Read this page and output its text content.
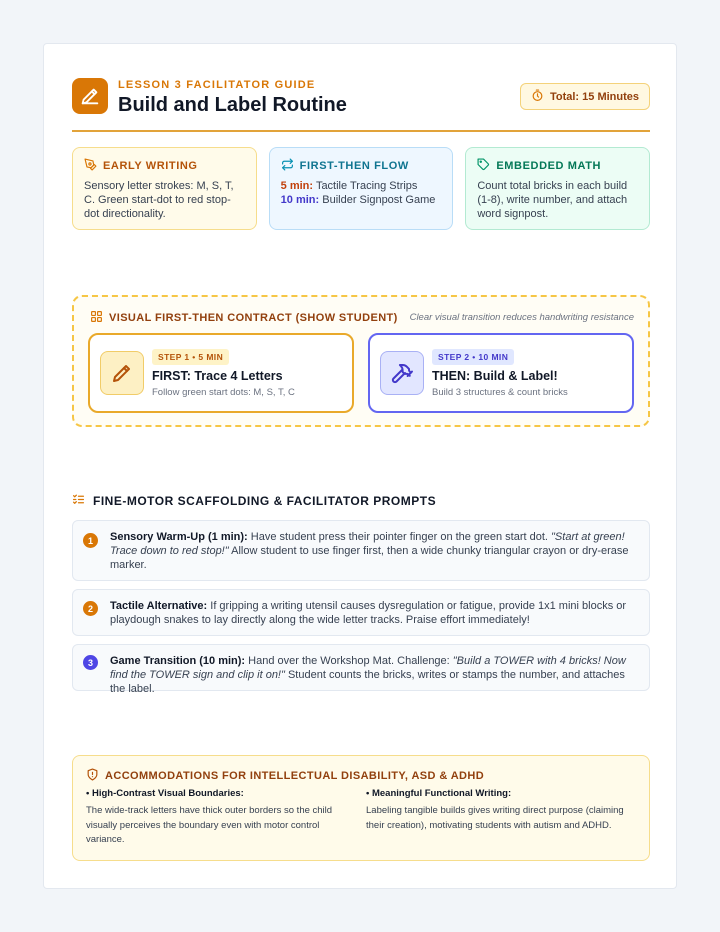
LESSON 3 FACILITATOR GUIDE
Build and Label Routine	Total: 15 Minutes
EARLY WRITING
Sensory letter strokes: M, S, T, C. Green start-dot to red stop-dot directionality.
FIRST-THEN FLOW
5 min: Tactile Tracing Strips
10 min: Builder Signpost Game
EMBEDDED MATH
Count total bricks in each build (1-8), write number, and attach word signpost.
VISUAL FIRST-THEN CONTRACT (SHOW STUDENT) Clear visual transition reduces handwriting resistance
STEP 1 • 5 MIN
FIRST: Trace 4 Letters
Follow green start dots: M, S, T, C
STEP 2 • 10 MIN
THEN: Build & Label!
Build 3 structures & count bricks
FINE-MOTOR SCAFFOLDING & FACILITATOR PROMPTS
1	Sensory Warm-Up (1 min): Have student press their pointer finger on the green start dot. "Start at green! Trace down to red stop!" Allow student to use finger first, then a wide chunky triangular crayon or dry-erase marker.
2	Tactile Alternative: If gripping a writing utensil causes dysregulation or fatigue, provide 1x1 mini blocks or playdough snakes to lay directly along the wide letter tracks. Praise effort immediately!
3	Game Transition (10 min): Hand over the Workshop Mat. Challenge: "Build a TOWER with 4 bricks! Now find the TOWER sign and clip it on!" Student counts the bricks, writes or stamps the number, and attaches the label.
ACCOMMODATIONS FOR INTELLECTUAL DISABILITY, ASD & ADHD
• High-Contrast Visual Boundaries:
The wide-track letters have thick outer borders so the child visually perceives the boundary even with motor control variance.
• Meaningful Functional Writing:
Labeling tangible builds gives writing direct purpose (claiming their creation), motivating students with autism and ADHD.
